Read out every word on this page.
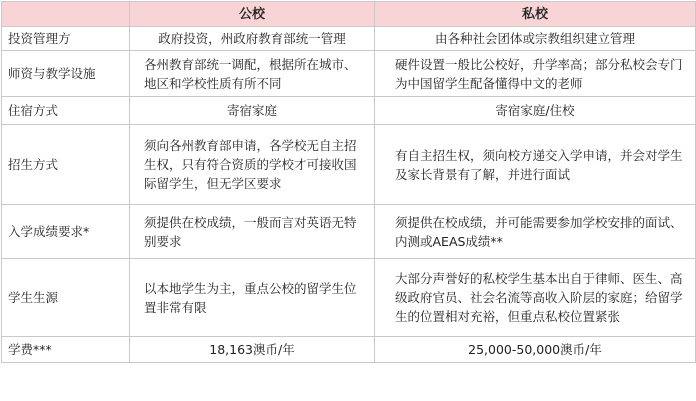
	公校	私校
投资管理方	政府投资，州政府教育部统一管理	由各种社会团体或宗教组织建立管理
师资与教学设施	各州教育部统一调配，根据所在城市、地区和学校性质有所不同	硬件设置一般比公校好，升学率高；部分私校会专门为中国留学生配备懂得中文的老师

住宿方式	寄宿家庭	寄宿家庭/住校
招生方式	须向各州教育部申请，各学校无自主招生权，只有符合资质的学校才可接收国际留学生，但无学区要求	有自主招生权，须向校方递交入学申请，并会对学生及家长背景有了解，并进行面试

入学成绩要求*	须提供在校成绩，一般而言对英语无特别要求	须提供在校成绩，并可能需要参加学校安排的面试、内测或AEAS成绩**

学生生源	以本地学生为主，重点公校的留学生位置非常有限	大部分声誉好的私校学生基本出自于律师、医生、高级政府官员、社会名流等高收入阶层的家庭；给留学生的位置相对充裕，但重点私校位置紧张

学费***	18,163澳币/年	25,000-50,000澳币/年
